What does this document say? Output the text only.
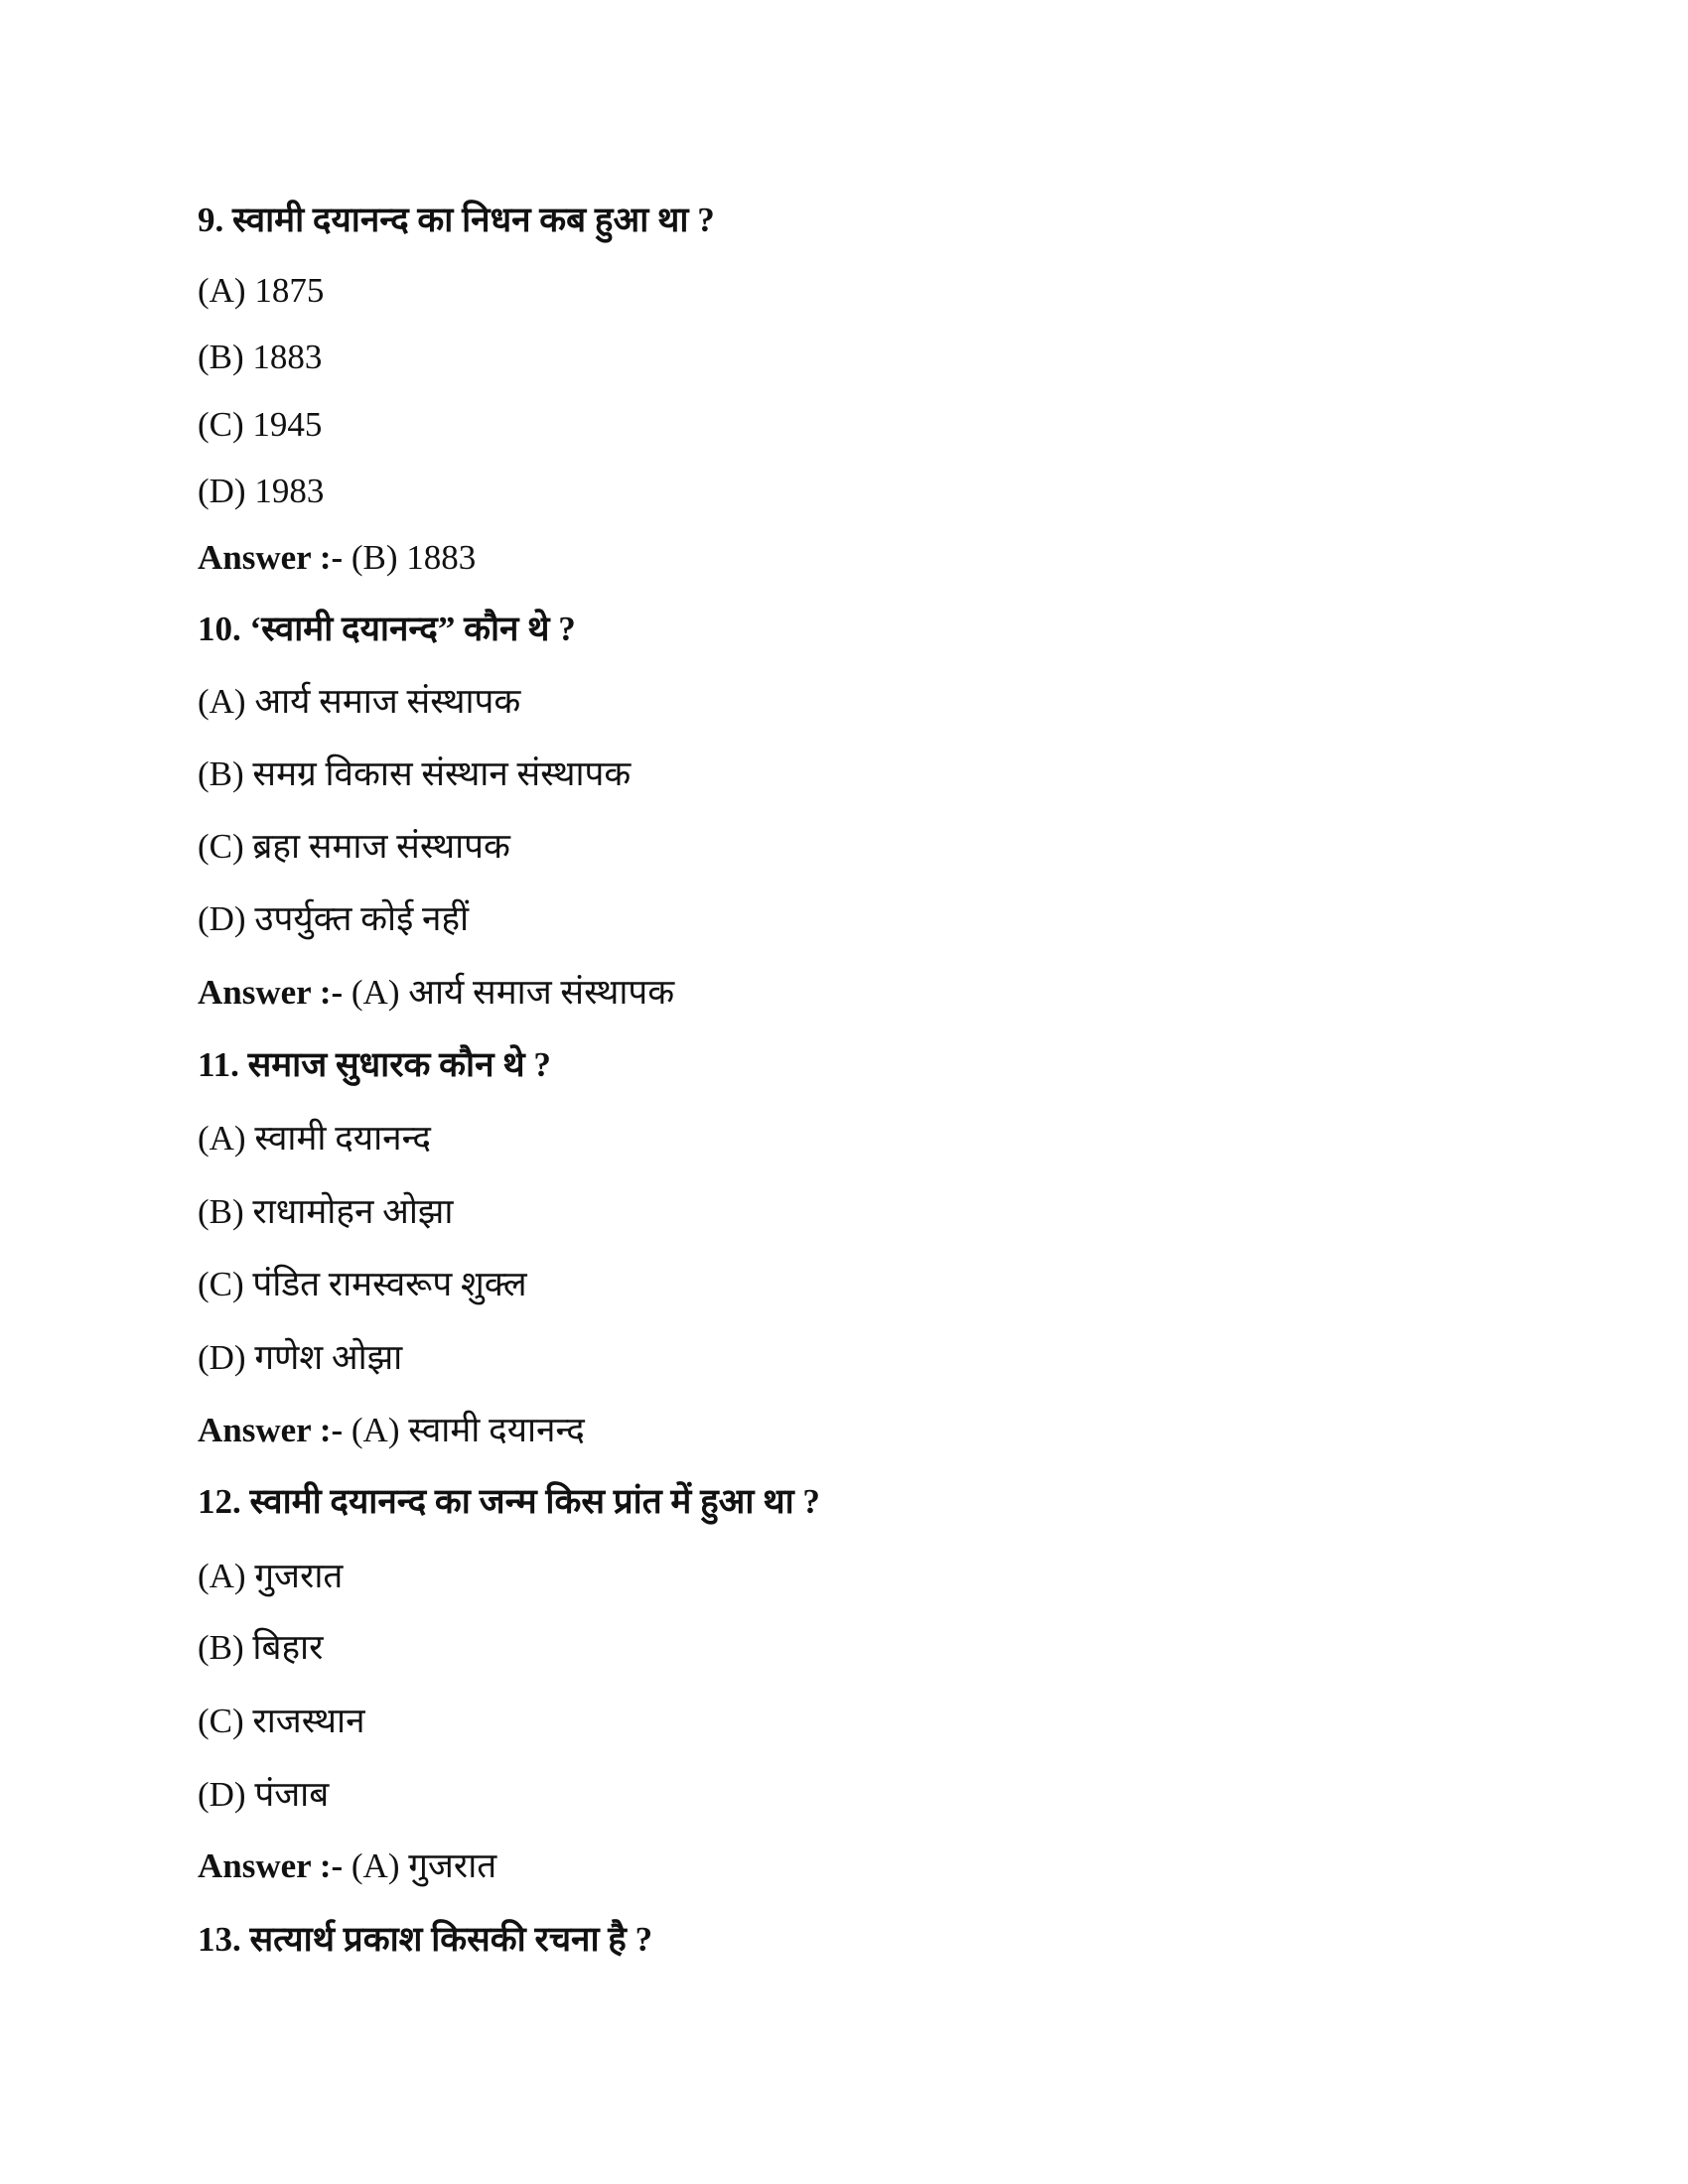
9. स्वामी दयानन्द का निधन कब हुआ था ?
(A) 1875
(B) 1883
(C) 1945
(D) 1983
Answer :- (B) 1883
10. ‘स्वामी दयानन्द” कौन थे ?
(A) आर्य समाज संस्थापक
(B) समग्र विकास संस्थान संस्थापक
(C) ब्रहा समाज संस्थापक
(D) उपर्युक्त कोई नहीं
Answer :- (A) आर्य समाज संस्थापक
11. समाज सुधारक कौन थे ?
(A) स्वामी दयानन्द
(B) राधामोहन ओझा
(C) पंडित रामस्वरूप शुक्ल
(D) गणेश ओझा
Answer :- (A) स्वामी दयानन्द
12. स्वामी दयानन्द का जन्म किस प्रांत में हुआ था ?
(A) गुजरात
(B) बिहार
(C) राजस्थान
(D) पंजाब
Answer :- (A) गुजरात
13. सत्यार्थ प्रकाश किसकी रचना है ?
